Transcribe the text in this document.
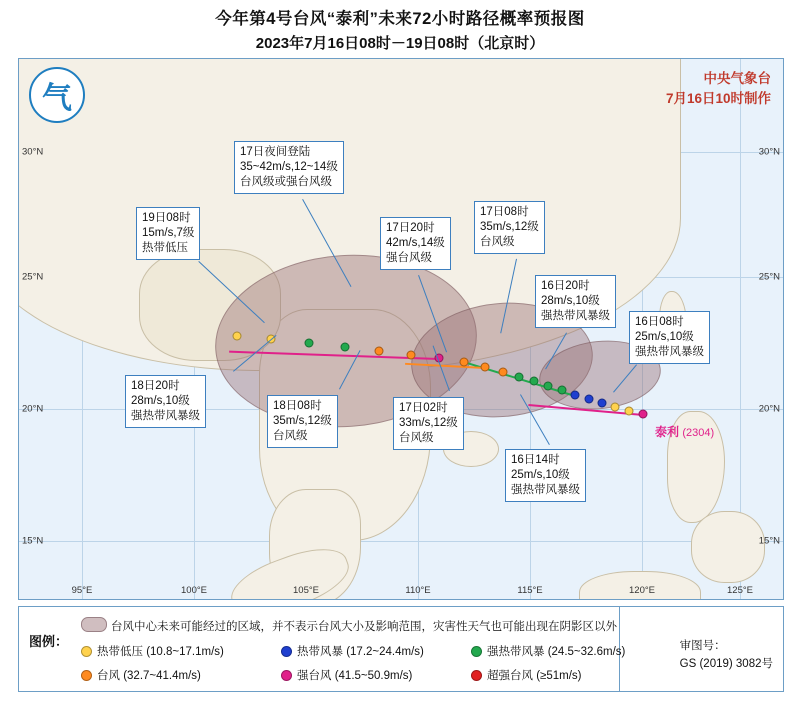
今年第4号台风“泰利”未来72小时路径概率预报图
2023年7月16日08时－19日08时（北京时）
气
中央气象台
7月16日10时制作
泰利 (2304)
17日夜间登陆
35~42m/s,12~14级
台风级或强台风级
19日08时
15m/s,7级
热带低压
17日20时
42m/s,14级
强台风级
17日08时
35m/s,12级
台风级
16日20时
28m/s,10级
强热带风暴级 16日08时
25m/s,10级
强热带风暴级
18日20时
28m/s,10级
强热带风暴级
18日08时
35m/s,12级
台风级
17日02时
33m/s,12级
台风级
16日14时
25m/s,10级
强热带风暴级
95°E	100°E	105°E	110°E	115°E	120°E	125°E
30°N
25°N
20°N
15°N
30°N
25°N
20°N
15°N
图例：
台风中心未来可能经过的区域，并不表示台风大小及影响范围，灾害性天气也可能出现在阴影区以外
热带低压 (10.8~17.1m/s)	热带风暴 (17.2~24.4m/s)	强热带风暴 (24.5~32.6m/s)
台风 (32.7~41.4m/s)	强台风 (41.5~50.9m/s)	超强台风 (≥51m/s)
审图号：
GS (2019) 3082号
